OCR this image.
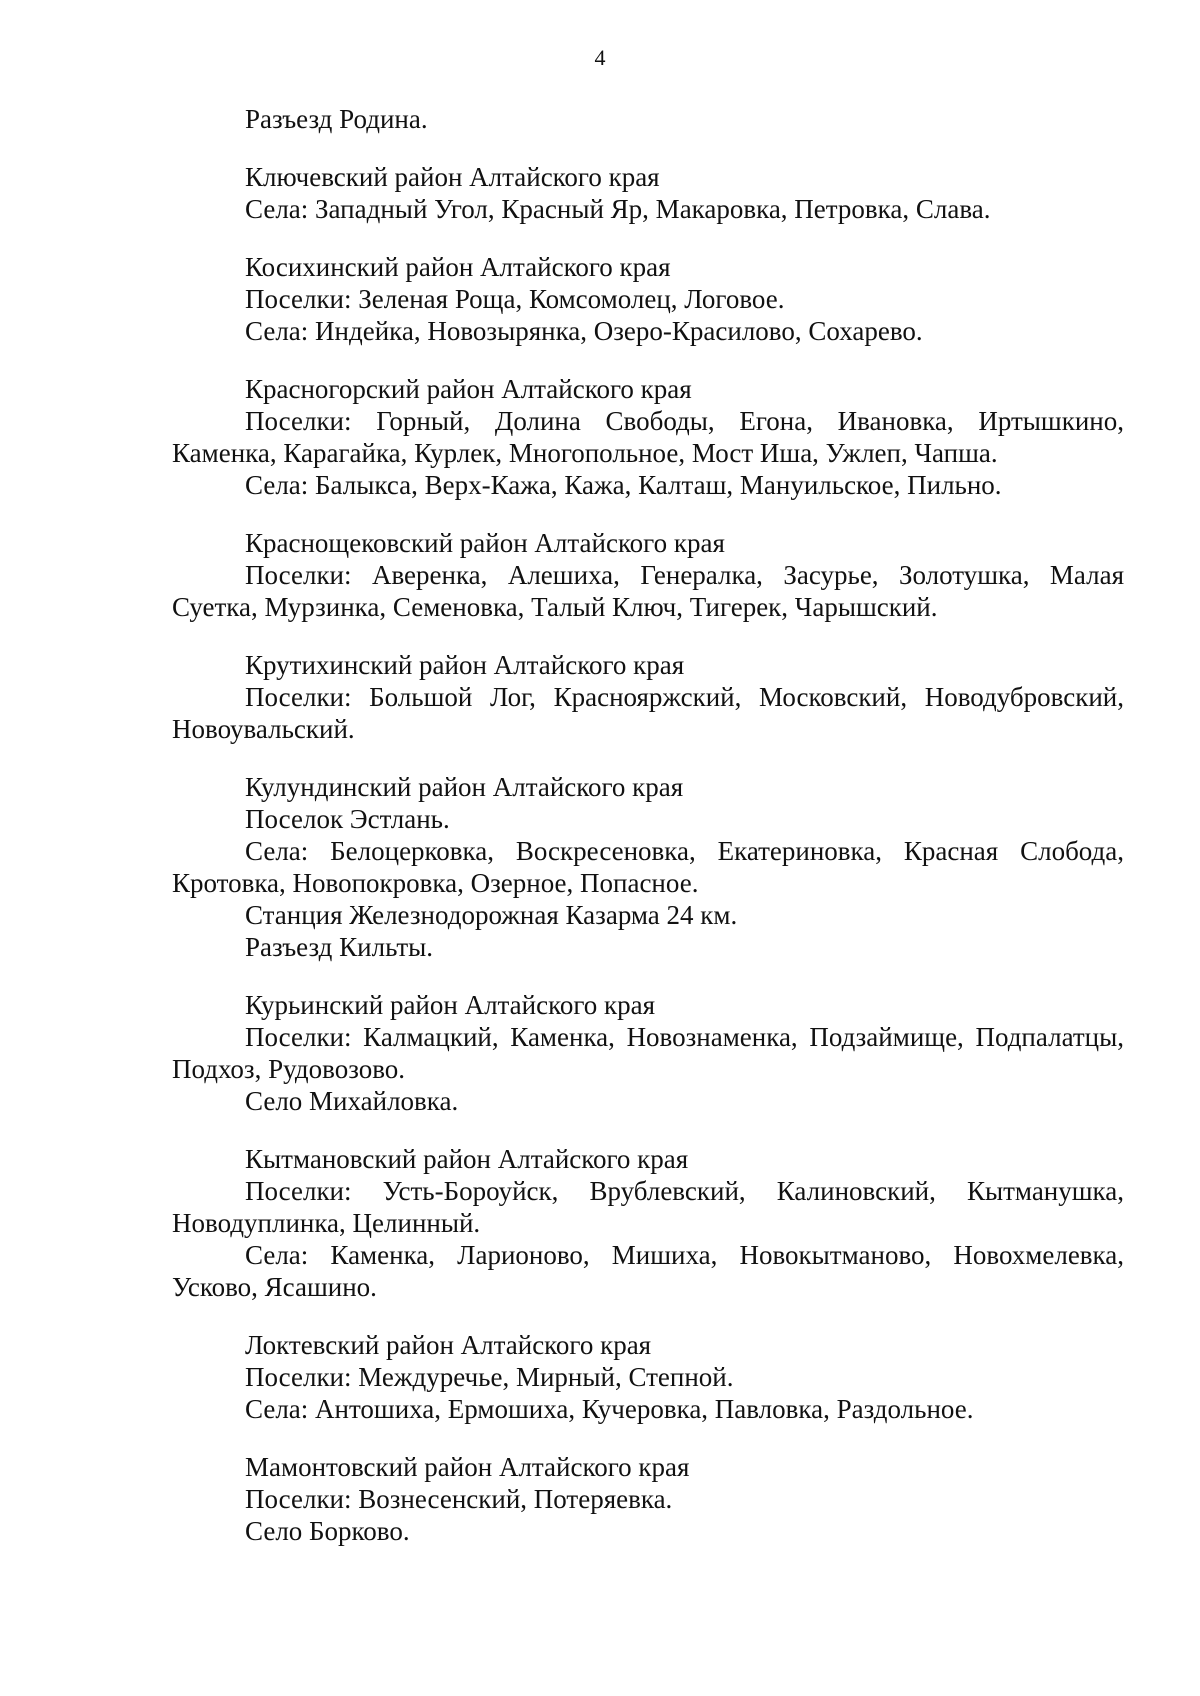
4

Разъезд Родина.

Ключевский район Алтайского края

Села: Западный Угол, Красный Яр, Макаровка, Петровка, Слава.

Косихинский район Алтайского края

Поселки: Зеленая Роща, Комсомолец, Логовое.

Села: Индейка, Новозырянка, Озеро-Красилово, Сохарево.

Красногорский район Алтайского края

Поселки: Горный, Долина Свободы, Егона, Ивановка, Иртышкино, Каменка, Карагайка, Курлек, Многопольное, Мост Иша, Ужлеп, Чапша.

Села: Балыкса, Верх-Кажа, Кажа, Калташ, Мануильское, Пильно.

Краснощековский район Алтайского края

Поселки: Аверенка, Алешиха, Генералка, Засурье, Золотушка, Малая Суетка, Мурзинка, Семеновка, Талый Ключ, Тигерек, Чарышский.

Крутихинский район Алтайского края

Поселки: Большой Лог, Краснояржский, Московский, Новодубровский, Новоувальский.

Кулундинский район Алтайского края

Поселок Эстлань.

Села: Белоцерковка, Воскресеновка, Екатериновка, Красная Слобода, Кротовка, Новопокровка, Озерное, Попасное.

Станция Железнодорожная Казарма 24 км.

Разъезд Кильты.

Курьинский район Алтайского края

Поселки: Калмацкий, Каменка, Новознаменка, Подзаймище, Подпалатцы, Подхоз, Рудовозово.

Село Михайловка.

Кытмановский район Алтайского края

Поселки: Усть-Бороуйск, Врублевский, Калиновский, Кытманушка, Новодуплинка, Целинный.

Села: Каменка, Ларионово, Мишиха, Новокытманово, Новохмелевка, Усково, Ясашино.

Локтевский район Алтайского края

Поселки: Междуречье, Мирный, Степной.

Села: Антошиха, Ермошиха, Кучеровка, Павловка, Раздольное.

Мамонтовский район Алтайского края

Поселки: Вознесенский, Потеряевка.

Село Борково.
